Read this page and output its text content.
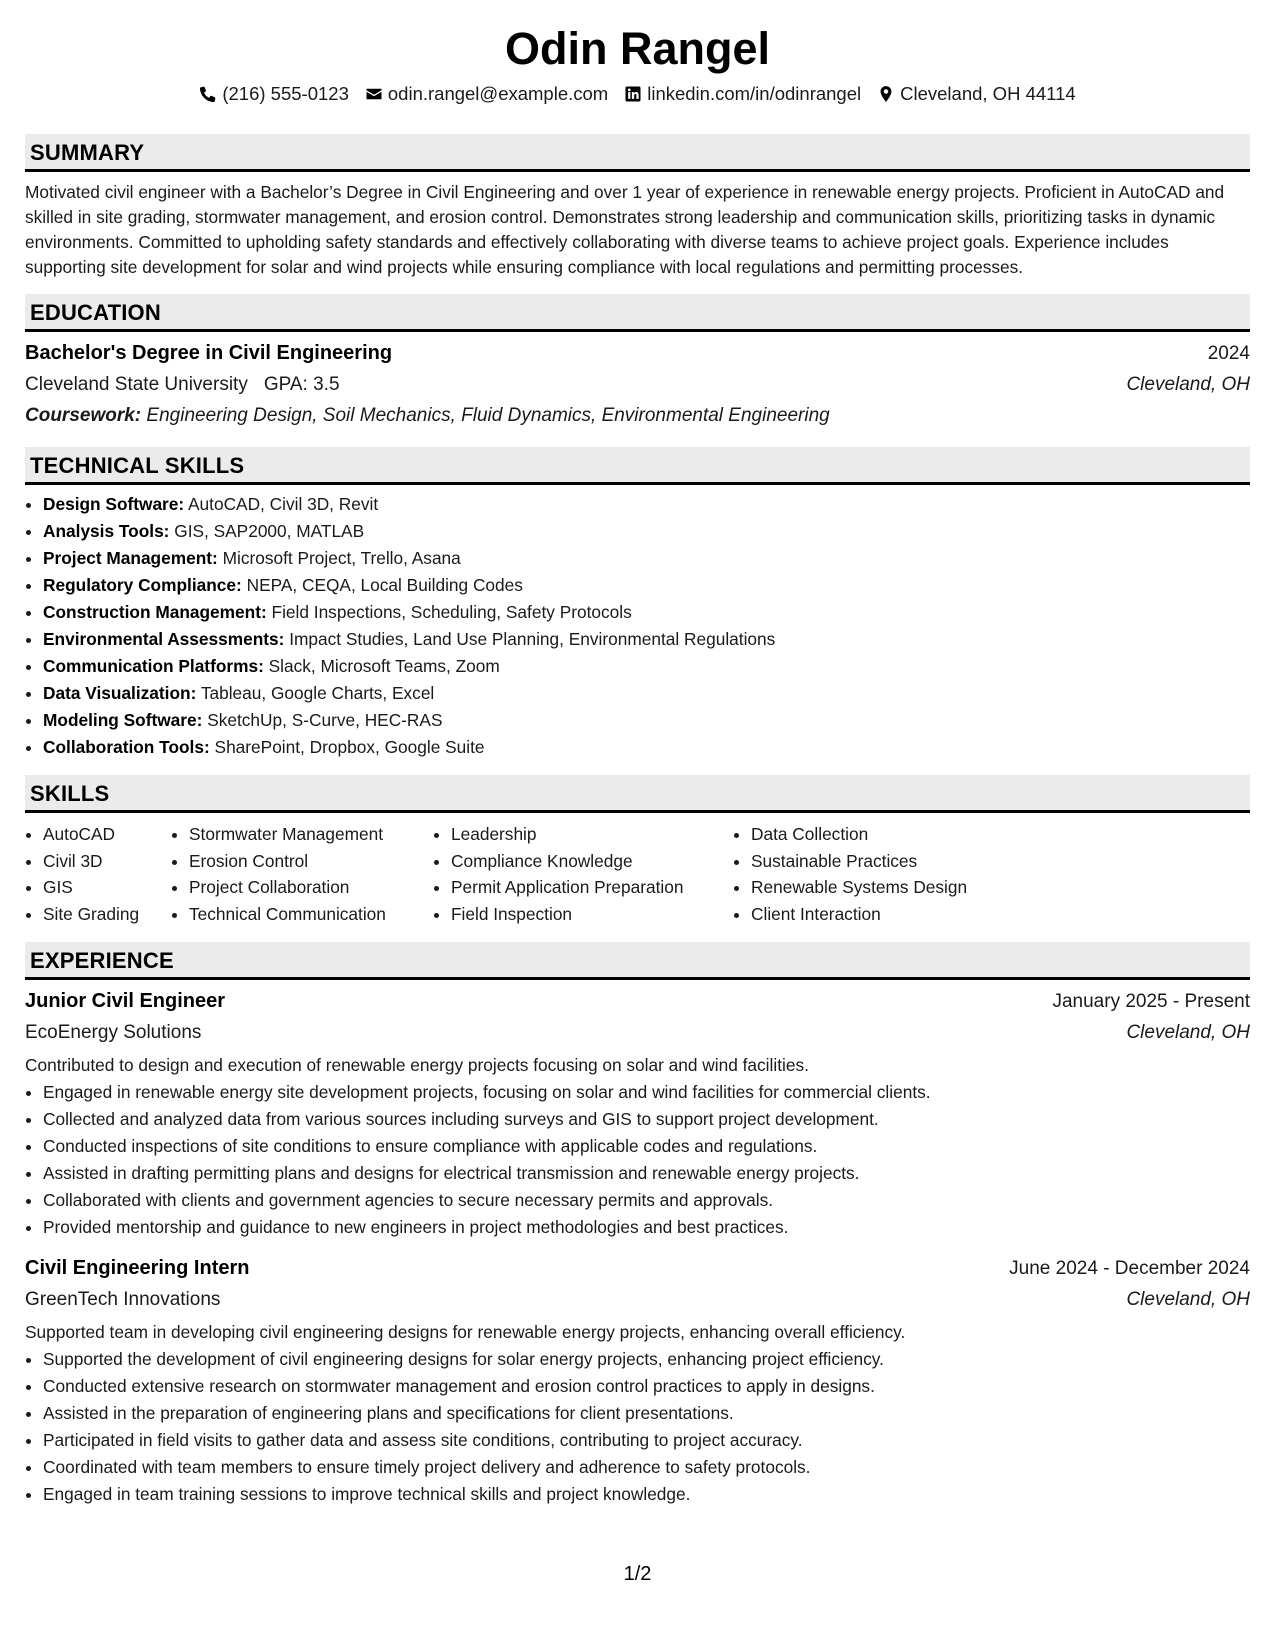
Odin Rangel
(216) 555-0123 odin.rangel@example.com linkedin.com/in/odinrangel Cleveland, OH 44114
SUMMARY

Motivated civil engineer with a Bachelor’s Degree in Civil Engineering and over 1 year of experience in renewable energy projects. Proficient in AutoCAD and skilled in site grading, stormwater management, and erosion control. Demonstrates strong leadership and communication skills, prioritizing tasks in dynamic environments. Committed to upholding safety standards and effectively collaborating with diverse teams to achieve project goals. Experience includes supporting site development for solar and wind projects while ensuring compliance with local regulations and permitting processes.

EDUCATION
Bachelor's Degree in Civil Engineering	2024
Cleveland State University GPA: 3.5	Cleveland, OH
Coursework: Engineering Design, Soil Mechanics, Fluid Dynamics, Environmental Engineering
TECHNICAL SKILLS
• Design Software: AutoCAD, Civil 3D, Revit
• Analysis Tools: GIS, SAP2000, MATLAB
• Project Management: Microsoft Project, Trello, Asana
• Regulatory Compliance: NEPA, CEQA, Local Building Codes
• Construction Management: Field Inspections, Scheduling, Safety Protocols
• Environmental Assessments: Impact Studies, Land Use Planning, Environmental Regulations
• Communication Platforms: Slack, Microsoft Teams, Zoom
• Data Visualization: Tableau, Google Charts, Excel
• Modeling Software: SketchUp, S-Curve, HEC-RAS
• Collaboration Tools: SharePoint, Dropbox, Google Suite
SKILLS
• AutoCAD
• Civil 3D
• GIS
• Site Grading
• Stormwater Management
• Erosion Control
• Project Collaboration
• Technical Communication
• Leadership
• Compliance Knowledge
• Permit Application Preparation
• Field Inspection
• Data Collection
• Sustainable Practices
• Renewable Systems Design
• Client Interaction
EXPERIENCE
Junior Civil Engineer	January 2025 - Present
EcoEnergy Solutions	Cleveland, OH
Contributed to design and execution of renewable energy projects focusing on solar and wind facilities.
• Engaged in renewable energy site development projects, focusing on solar and wind facilities for commercial clients.
• Collected and analyzed data from various sources including surveys and GIS to support project development.
• Conducted inspections of site conditions to ensure compliance with applicable codes and regulations.
• Assisted in drafting permitting plans and designs for electrical transmission and renewable energy projects.
• Collaborated with clients and government agencies to secure necessary permits and approvals.
• Provided mentorship and guidance to new engineers in project methodologies and best practices.
Civil Engineering Intern	June 2024 - December 2024
GreenTech Innovations	Cleveland, OH
Supported team in developing civil engineering designs for renewable energy projects, enhancing overall efficiency.
• Supported the development of civil engineering designs for solar energy projects, enhancing project efficiency.
• Conducted extensive research on stormwater management and erosion control practices to apply in designs.
• Assisted in the preparation of engineering plans and specifications for client presentations.
• Participated in field visits to gather data and assess site conditions, contributing to project accuracy.
• Coordinated with team members to ensure timely project delivery and adherence to safety protocols.
• Engaged in team training sessions to improve technical skills and project knowledge.
1/2
